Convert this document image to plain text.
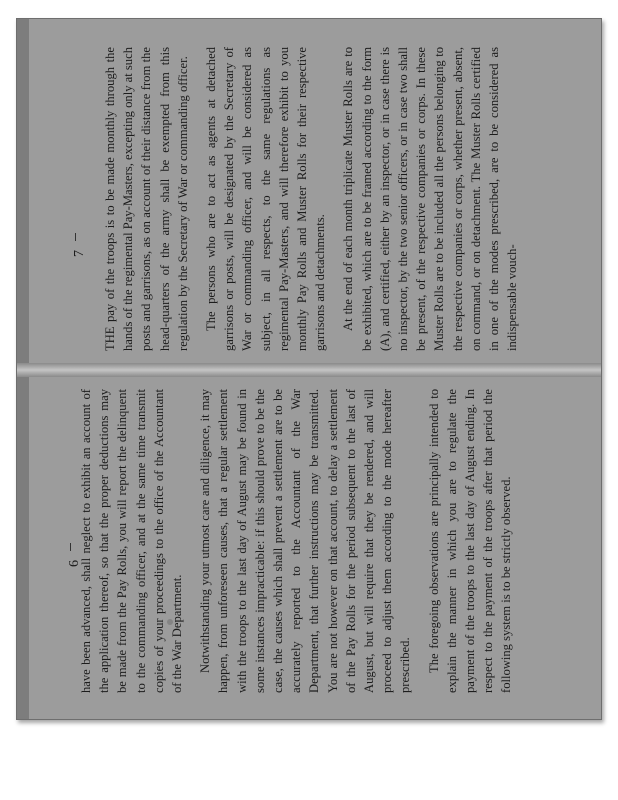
7 THE pay of the troops is to be made monthly through the hands of the regimental Pay-Masters, excepting only at such posts and garrisons, as on account of their distance from the head-quarters of the army shall be exempted from this regulation by the Secretary of War or commanding officer. The persons who are to act as agents at detached garrisons or posts, will be designated by the Secretary of War or commanding officer, and will be considered as subject, in all respects, to the same regulations as regimental Pay-Masters, and will therefore exhibit to you monthly Pay Rolls and Muster Rolls for their respective garrisons and detachments. At the end of each month triplicate Muster Rolls are to be exhibited, which are to be framed according to the form (A), and certified, either by an inspector, or in case there is no inspector, by the two senior officers, or in case two shall be present, of the respective companies or corps. In these Muster Rolls are to be included all the persons belonging to the respective companies or corps, whether present, absent, on command, or on detachment. The Muster Rolls certified in one of the modes prescribed, are to be considered as indispensable vouch-

6

have been advanced, shall neglect to exhibit an account of the application thereof, so that the proper deductions may be made from the Pay Rolls, you will report the delinquent to the commanding officer, and at the same time transmit copies of your proceedings to the office of the Accountant of the War Department. Notwithstanding your utmost care and diligence, it may happen, from unforeseen causes, that a regular settlement with the troops to the last day of August may be found in some instances impracticable: if this should prove to be the case, the causes which shall prevent a settlement are to be accurately reported to the Accountant of the War Department, that further instructions may be transmitted. You are not however on that account, to delay a settlement of the Pay Rolls for the period subsequent to the last of August, but will require that they be rendered, and will proceed to adjust them according to the mode hereafter prescribed. The foregoing observations are principally intended to explain the manner in which you are to regulate the payment of the troops to the last day of August ending. In respect to the payment of the troops after that period the following system is to be strictly observed.
